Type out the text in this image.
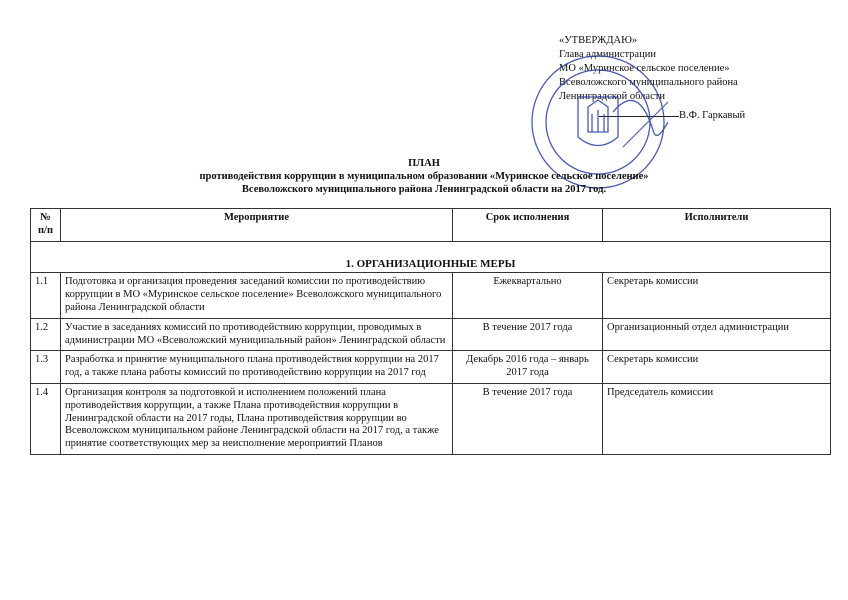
«УТВЕРЖДАЮ»
Глава администрации
МО «Муринское сельское поселение»
Всеволожского муниципального района
Ленинградской области
В.Ф. Гаркавый
ПЛАН
противодействия коррупции в муниципальном образовании «Муринское сельское поселение»
Всеволожского муниципального района Ленинградской области на 2017 год.
№ п/п	Мероприятие	Срок исполнения	Исполнители
1. ОРГАНИЗАЦИОННЫЕ МЕРЫ			
1.1	Подготовка и организация проведения заседаний комиссии по противодействию коррупции в МО «Муринское сельское поселение» Всеволожского муниципального района Ленинградской области	Ежеквартально	Секретарь комиссии
1.2	Участие в заседаниях комиссий по противодействию коррупции, проводимых в администрации МО «Всеволожский муниципальный район» Ленинградской области	В течение 2017 года	Организационный отдел администрации
1.3	Разработка и принятие муниципального плана противодействия коррупции на 2017 год, а также плана работы комиссий по противодействию коррупции на 2017 год	Декабрь 2016 года – январь 2017 года	Секретарь комиссии
1.4	Организация контроля за подготовкой и исполнением положений плана противодействия коррупции, а также Плана противодействия коррупции в Ленинградской области на 2017 годы, Плана противодействия коррупции во Всеволожском муниципальном районе Ленинградской области на 2017 год, а также принятие соответствующих мер за неисполнение мероприятий Планов	В течение 2017 года	Председатель комиссии
